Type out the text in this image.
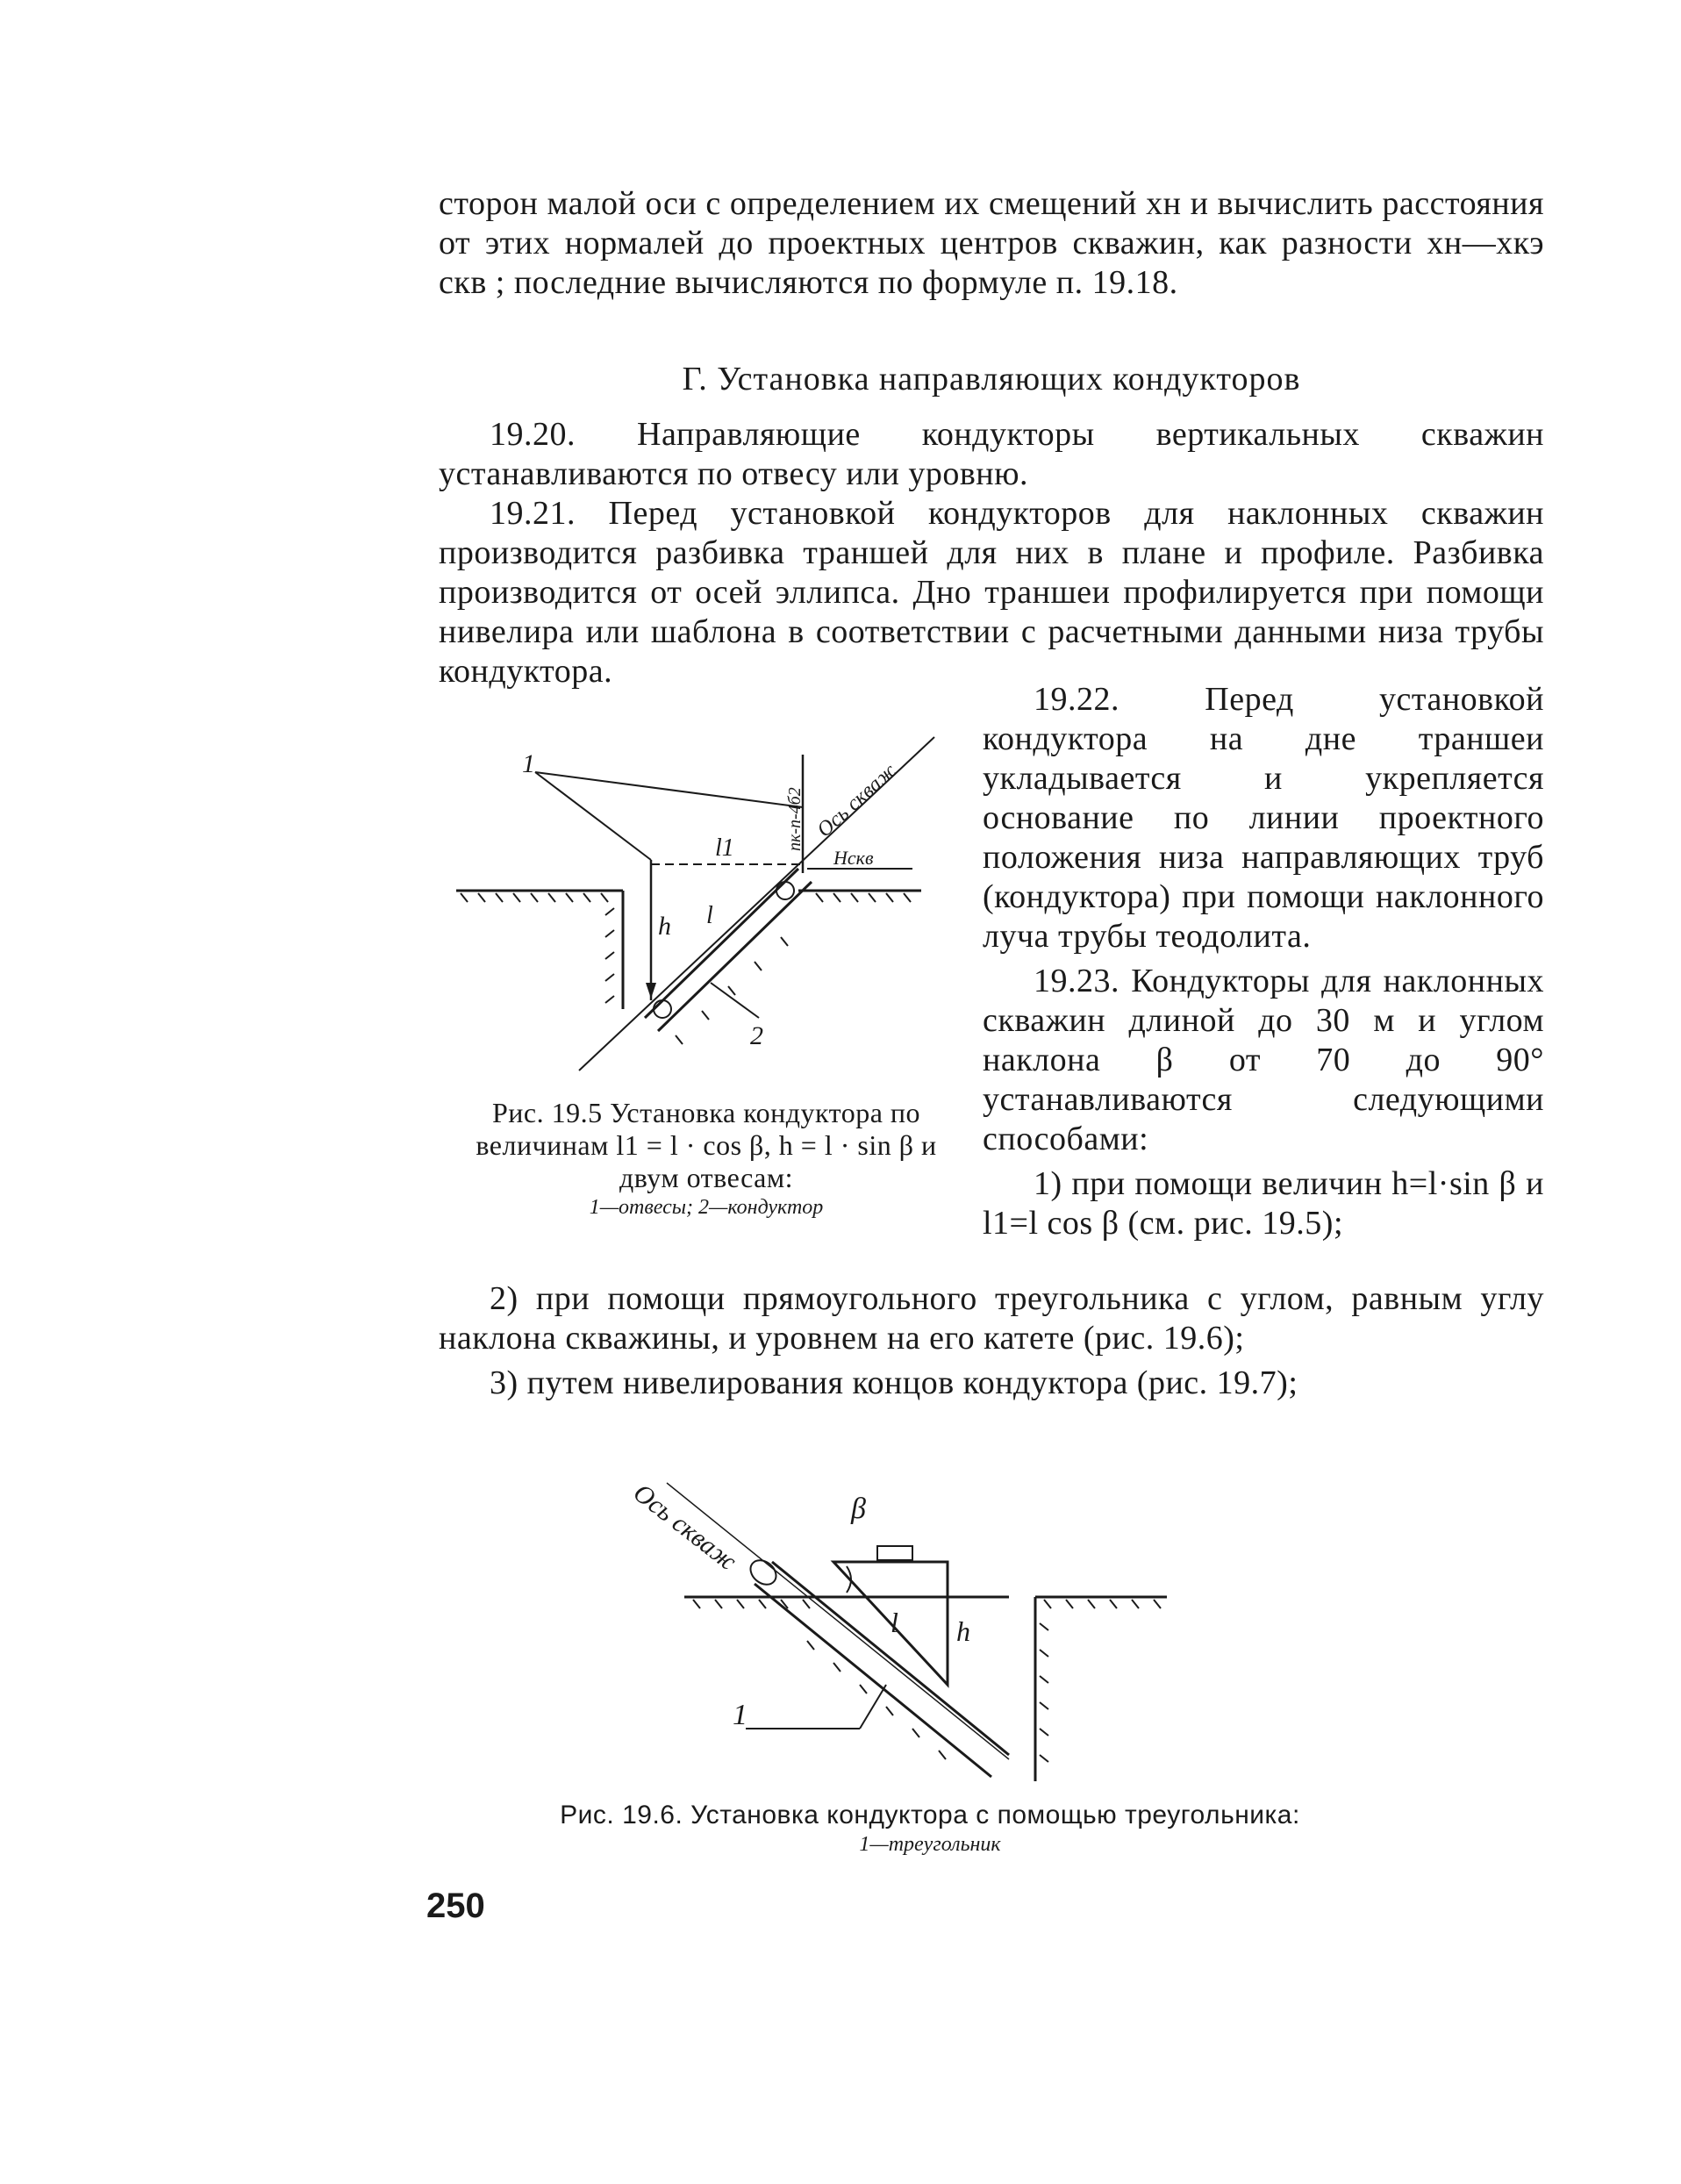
сторон малой оси с определением их смещений xн и вычислить расстояния от этих нормалей до проектных центров скважин, как разности xн—xкэ скв ; последние вычисляются по формуле п. 19.18.

Г. Установка направляющих кондукторов

19.20. Направляющие кондукторы вертикальных скважин устанавливаются по отвесу или уровню.

19.21. Перед установкой кондукторов для наклонных скважин производится разбивка траншей для них в плане и профиле. Разбивка производится от осей эллипса. Дно траншеи профилируется при помощи нивелира или шаблона в соответствии с расчетными данными низа трубы кондуктора.

19.22. Перед установкой кондуктора на дне траншеи укладывается и укрепляется основание по линии проектного положения низа направляющих труб (кондуктора) при помощи наклонного луча трубы теодолита.

19.23. Кондукторы для наклонных скважин длиной до 30 м и углом наклона β от 70 до 90° устанавливаются следующими способами:

1) при помощи величин h=l·sin β и l1=l cos β (см. рис. 19.5);

1
2
l1
l
h
Нскв
Ось скваж
пк-п-4б2
Рис. 19.5 Установка кондуктора по величинам l1 = l · cos β, h = l · sin β и двум отвесам:
1—отвесы; 2—кондуктор

2) при помощи прямоугольного треугольника с углом, равным углу наклона скважины, и уровнем на его катете (рис. 19.6);

3) путем нивелирования концов кондуктора (рис. 19.7);

Ось скваж	β
l h
1
Рис. 19.6. Установка кондуктора с помощью треугольника:
1—треугольник
250
